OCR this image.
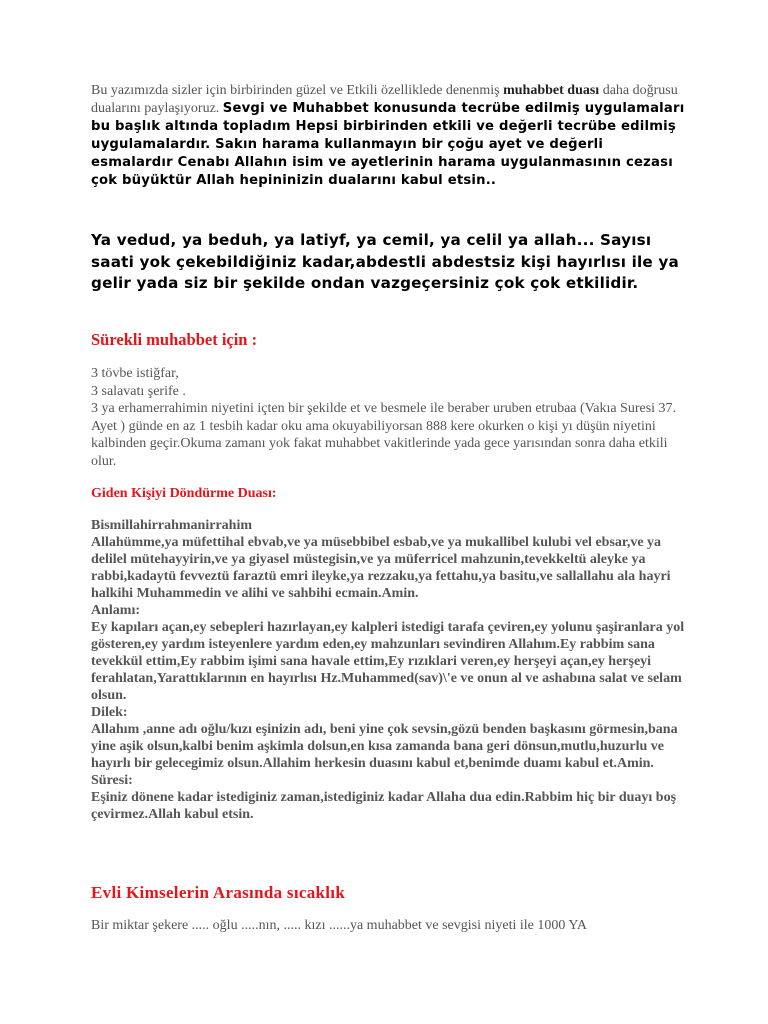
Bu yazımızda sizler için birbirinden güzel ve Etkili özelliklede denenmiş muhabbet duası daha doğrusu dualarını paylaşıyoruz. Sevgi ve Muhabbet konusunda tecrübe edilmiş uygulamaları bu başlık altında topladım Hepsi birbirinden etkili ve değerli tecrübe edilmiş uygulamalardır. Sakın harama kullanmayın bir çoğu ayet ve değerli esmalardır Cenabı Allahın isim ve ayetlerinin harama uygulanmasının cezası çok büyüktür Allah hepininizin dualarını kabul etsin..

Ya vedud, ya beduh, ya latiyf, ya cemil, ya celil ya allah... Sayısı saati yok çekebildiğiniz kadar,abdestli abdestsiz kişi hayırlısı ile ya gelir yada siz bir şekilde ondan vazgeçersiniz çok çok etkilidir.

Sürekli muhabbet için :
3 tövbe istiğfar,
3 salavatı şerife .
3 ya erhamerrahimin niyetini içten bir şekilde et ve besmele ile beraber uruben etrubaa (Vakıa Suresi 37. Ayet ) günde en az 1 tesbih kadar oku ama okuyabiliyorsan 888 kere okurken o kişi yı düşün niyetini kalbinden geçir.Okuma zamanı yok fakat muhabbet vakitlerinde yada gece yarısından sonra daha etkili olur.
Giden Kişiyi Döndürme Duası:
Bismillahirrahmanirrahim
Allahümme,ya müfettihal ebvab,ve ya müsebbibel esbab,ve ya mukallibel kulubi vel ebsar,ve ya delilel mütehayyirin,ve ya giyasel müstegisin,ve ya müferricel mahzunin,tevekkeltü aleyke ya rabbi,kadaytü fevveztü faraztü emri ileyke,ya rezzaku,ya fettahu,ya basitu,ve sallallahu ala hayri halkihi Muhammedin ve alihi ve sahbihi ecmain.Amin.
Anlamı:
Ey kapıları açan,ey sebepleri hazırlayan,ey kalpleri istedigi tarafa çeviren,ey yolunu şaşiranlara yol gösteren,ey yardım isteyenlere yardım eden,ey mahzunları sevindiren Allahım.Ey rabbim sana tevekkül ettim,Ey rabbim işimi sana havale ettim,Ey rızıklari veren,ey herşeyi açan,ey herşeyi ferahlatan,Yarattıklarının en hayırlısı Hz.Muhammed(sav)\'e ve onun al ve ashabına salat ve selam olsun.
Dilek:
Allahım ,anne adı oğlu/kızı eşinizin adı, beni yine çok sevsin,gözü benden başkasını görmesin,bana yine aşik olsun,kalbi benim aşkimla dolsun,en kısa zamanda bana geri dönsun,mutlu,huzurlu ve hayırlı bir gelecegimiz olsun.Allahim herkesin duasını kabul et,benimde duamı kabul et.Amin.
Süresi:
Eşiniz dönene kadar istediginiz zaman,istediginiz kadar Allaha dua edin.Rabbim hiç bir duayı boş çevirmez.Allah kabul etsin.
Evli Kimselerin Arasında sıcaklık

Bir miktar şekere ..... oğlu .....nın, ..... kızı ......ya muhabbet ve sevgisi niyeti ile 1000 YA
